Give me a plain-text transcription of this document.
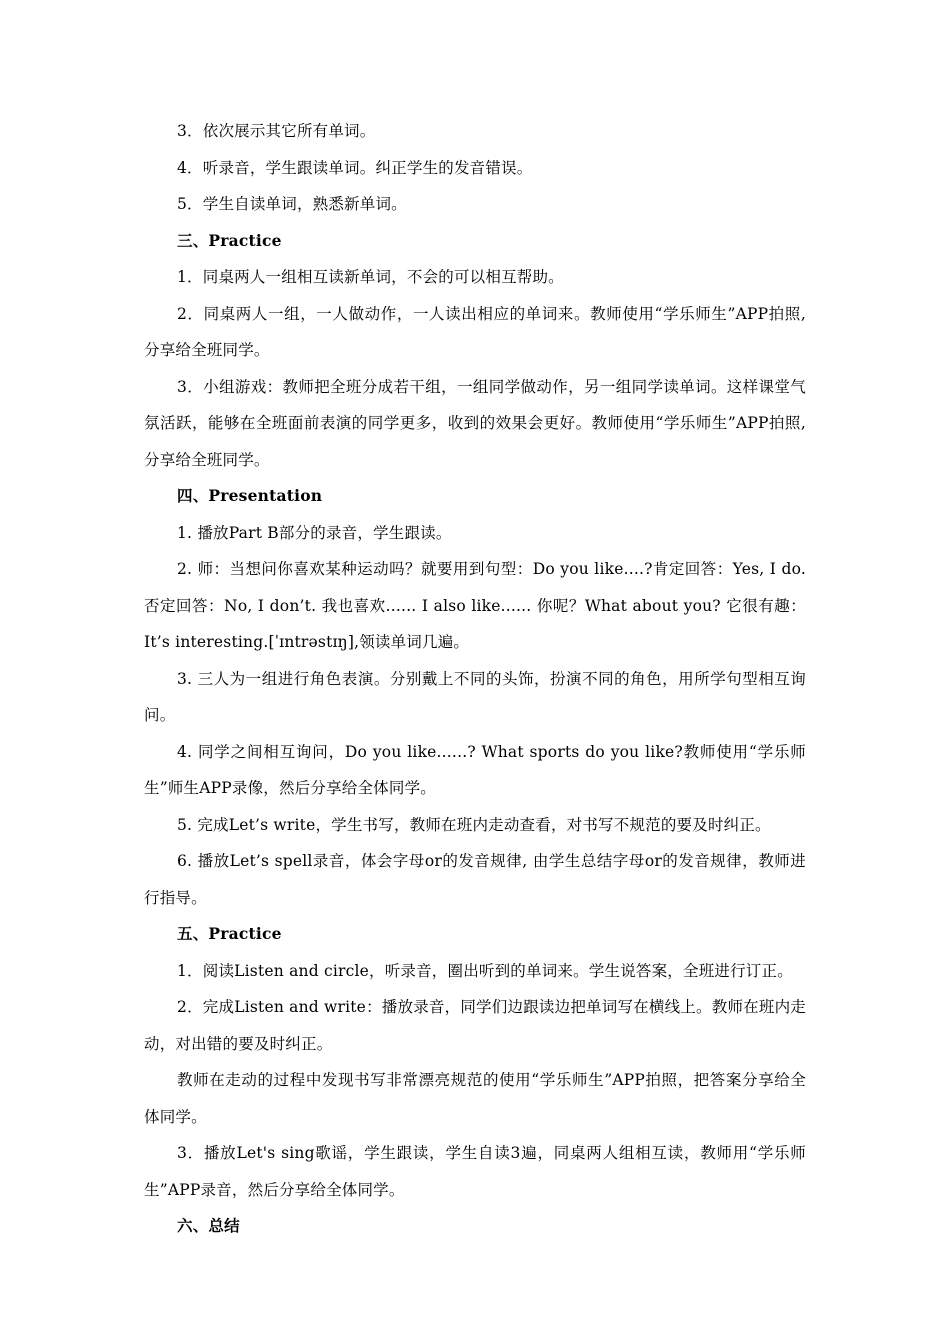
3．依次展示其它所有单词。

4．听录音，学生跟读单词。纠正学生的发音错误。

5．学生自读单词，熟悉新单词。

三、Practice

1．同桌两人一组相互读新单词，不会的可以相互帮助。

2．同桌两人一组，一人做动作，一人读出相应的单词来。教师使用“学乐师生”APP拍照,分享给全班同学。

3．小组游戏：教师把全班分成若干组，一组同学做动作，另一组同学读单词。这样课堂气氛活跃，能够在全班面前表演的同学更多，收到的效果会更好。教师使用“学乐师生”APP拍照,分享给全班同学。

四、Presentation

1. 播放Part B部分的录音，学生跟读。

2. 师：当想问你喜欢某种运动吗？就要用到句型：Do you like....?肯定回答：Yes, I do.否定回答：No, I don’t. 我也喜欢...... I also like...... 你呢？What about you? 它很有趣：It’s interesting.[ˈɪntrəstɪŋ],领读单词几遍。

3. 三人为一组进行角色表演。分别戴上不同的头饰，扮演不同的角色，用所学句型相互询问。

4. 同学之间相互询问，Do you like......? What sports do you like?教师使用“学乐师生”师生APP录像，然后分享给全体同学。

5. 完成Let’s write，学生书写，教师在班内走动查看，对书写不规范的要及时纠正。

6. 播放Let’s spell录音，体会字母or的发音规律, 由学生总结字母or的发音规律，教师进行指导。

五、Practice

1．阅读Listen and circle，听录音，圈出听到的单词来。学生说答案，全班进行订正。

2．完成Listen and write：播放录音，同学们边跟读边把单词写在横线上。教师在班内走动，对出错的要及时纠正。

教师在走动的过程中发现书写非常漂亮规范的使用“学乐师生”APP拍照，把答案分享给全体同学。

3．播放Let's sing歌谣，学生跟读，学生自读3遍，同桌两人组相互读，教师用“学乐师生”APP录音，然后分享给全体同学。

六、总结
